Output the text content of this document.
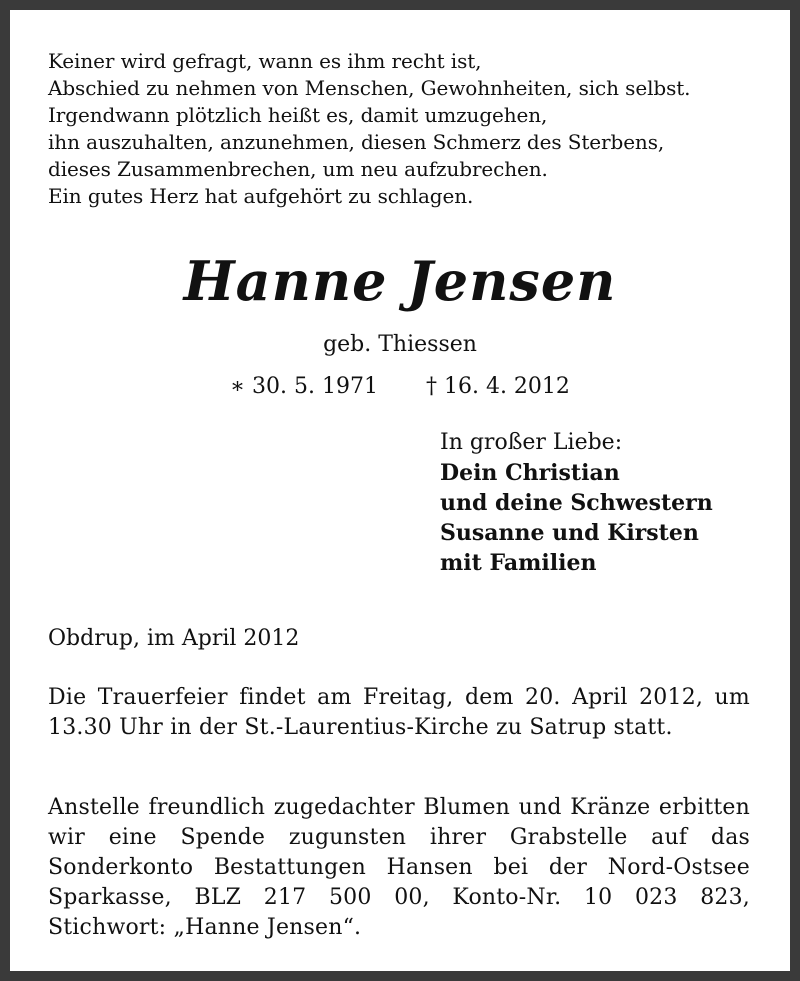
Keiner wird gefragt, wann es ihm recht ist,
Abschied zu nehmen von Menschen, Gewohnheiten, sich selbst.
Irgendwann plötzlich heißt es, damit umzugehen,
ihn auszuhalten, anzunehmen, diesen Schmerz des Sterbens,
dieses Zusammenbrechen, um neu aufzubrechen.
Ein gutes Herz hat aufgehört zu schlagen.
Hanne Jensen
geb. Thiessen
∗ 30. 5. 1971 † 16. 4. 2012
In großer Liebe:
Dein Christian
und deine Schwestern
Susanne und Kirsten
mit Familien
Obdrup, im April 2012

Die Trauerfeier findet am Freitag, dem 20. April 2012, um 13.30 Uhr in der St.-Laurentius-Kirche zu Satrup statt.

Anstelle freundlich zugedachter Blumen und Kränze erbitten wir eine Spende zugunsten ihrer Grabstelle auf das Sonderkonto Bestattungen Hansen bei der Nord-Ostsee Sparkasse, BLZ 217 500 00, Konto-Nr. 10 023 823, Stichwort: „Hanne Jensen“.
